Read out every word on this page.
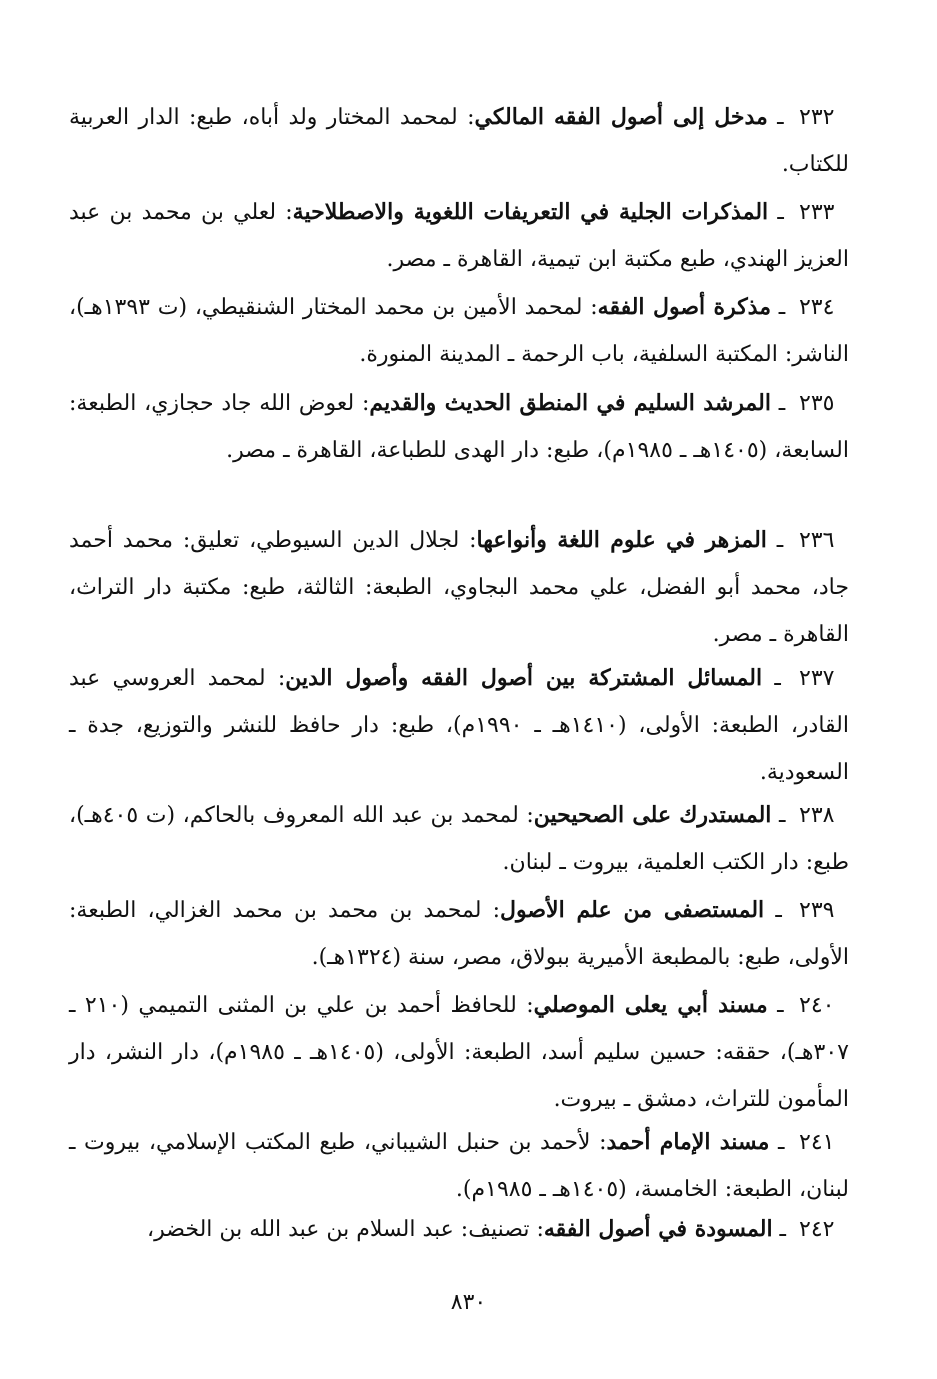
٢٣٢ ـ مدخل إلى أصول الفقه المالكي: لمحمد المختار ولد أباه، طبع: الدار العربية للكتاب.
٢٣٣ ـ المذكرات الجلية في التعريفات اللغوية والاصطلاحية: لعلي بن محمد بن عبد العزيز الهندي، طبع مكتبة ابن تيمية، القاهرة ـ مصر.
٢٣٤ ـ مذكرة أصول الفقه: لمحمد الأمين بن محمد المختار الشنقيطي، (ت ١٣٩٣هـ)، الناشر: المكتبة السلفية، باب الرحمة ـ المدينة المنورة.
٢٣٥ ـ المرشد السليم في المنطق الحديث والقديم: لعوض الله جاد حجازي، الطبعة: السابعة، (١٤٠٥هـ ـ ١٩٨٥م)، طبع: دار الهدى للطباعة، القاهرة ـ مصر.
٢٣٦ ـ المزهر في علوم اللغة وأنواعها: لجلال الدين السيوطي، تعليق: محمد أحمد جاد، محمد أبو الفضل، علي محمد البجاوي، الطبعة: الثالثة، طبع: مكتبة دار التراث، القاهرة ـ مصر.
٢٣٧ ـ المسائل المشتركة بين أصول الفقه وأصول الدين: لمحمد العروسي عبد القادر، الطبعة: الأولى، (١٤١٠هـ ـ ١٩٩٠م)، طبع: دار حافظ للنشر والتوزيع، جدة ـ السعودية.
٢٣٨ ـ المستدرك على الصحيحين: لمحمد بن عبد الله المعروف بالحاكم، (ت ٤٠٥هـ)، طبع: دار الكتب العلمية، بيروت ـ لبنان.
٢٣٩ ـ المستصفى من علم الأصول: لمحمد بن محمد بن محمد الغزالي، الطبعة: الأولى، طبع: بالمطبعة الأميرية ببولاق، مصر، سنة (١٣٢٤هـ).
٢٤٠ ـ مسند أبي يعلى الموصلي: للحافظ أحمد بن علي بن المثنى التميمي (٢١٠ ـ ٣٠٧هـ)، حققه: حسين سليم أسد، الطبعة: الأولى، (١٤٠٥هـ ـ ١٩٨٥م)، دار النشر، دار المأمون للتراث، دمشق ـ بيروت.
٢٤١ ـ مسند الإمام أحمد: لأحمد بن حنبل الشيباني، طبع المكتب الإسلامي، بيروت ـ لبنان، الطبعة: الخامسة، (١٤٠٥هـ ـ ١٩٨٥م).
٢٤٢ ـ المسودة في أصول الفقه: تصنيف: عبد السلام بن عبد الله بن الخضر،
٨٣٠
